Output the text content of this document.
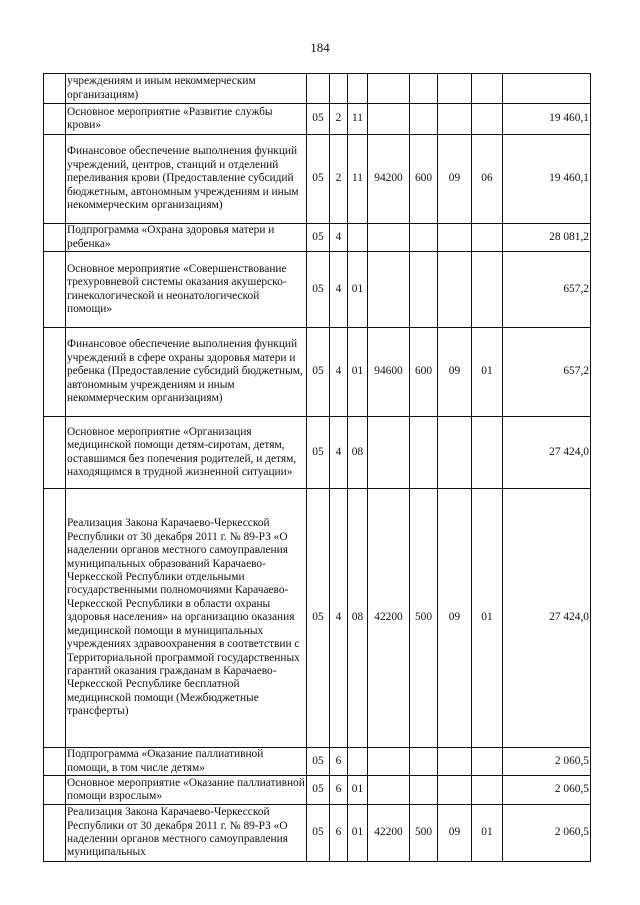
184
	учреждениям и иным некоммерческим организациям)								
	Основное мероприятие «Развитие службы крови»	05	2	11					19 460,1
	Финансовое обеспечение выполнения функций учреждений, центров, станций и отделений переливания крови (Предоставление субсидий бюджетным, автономным учреждениям и иным некоммерческим организациям)	05	2	11	94200	600	09	06	19 460,1
	Подпрограмма «Охрана здоровья матери и ребенка»	05	4						28 081,2
	Основное мероприятие «Совершенствование трехуровневой системы оказания акушерско-гинекологической и неонатологической помощи»	05	4	01					657,2
	Финансовое обеспечение выполнения функций учреждений в сфере охраны здоровья матери и ребенка (Предоставление субсидий бюджетным, автономным учреждениям и иным некоммерческим организациям)	05	4	01	94600	600	09	01	657,2
	Основное мероприятие «Организация медицинской помощи детям-сиротам, детям, оставшимся без попечения родителей, и детям, находящимся в трудной жизненной ситуации»	05	4	08					27 424,0
	Реализация Закона Карачаево-Черкесской Республики от 30 декабря 2011 г. № 89-РЗ «О наделении органов местного самоуправления муниципальных образований Карачаево-Черкесской Республики отдельными государственными полномочиями Карачаево-Черкесской Республики в области охраны здоровья населения» на организацию оказания медицинской помощи в муниципальных учреждениях здравоохранения в соответствии с Территориальной программой государственных гарантий оказания гражданам в Карачаево-Черкесской Республике бесплатной медицинской помощи (Межбюджетные трансферты)	05	4	08	42200	500	09	01	27 424,0
	Подпрограмма «Оказание паллиативной помощи, в том числе детям»	05	6						2 060,5
	Основное мероприятие «Оказание паллиативной помощи взрослым»	05	6	01					2 060,5
	Реализация Закона Карачаево-Черкесской Республики от 30 декабря 2011 г. № 89-РЗ «О наделении органов местного самоуправления муниципальных	05	6	01	42200	500	09	01	2 060,5
